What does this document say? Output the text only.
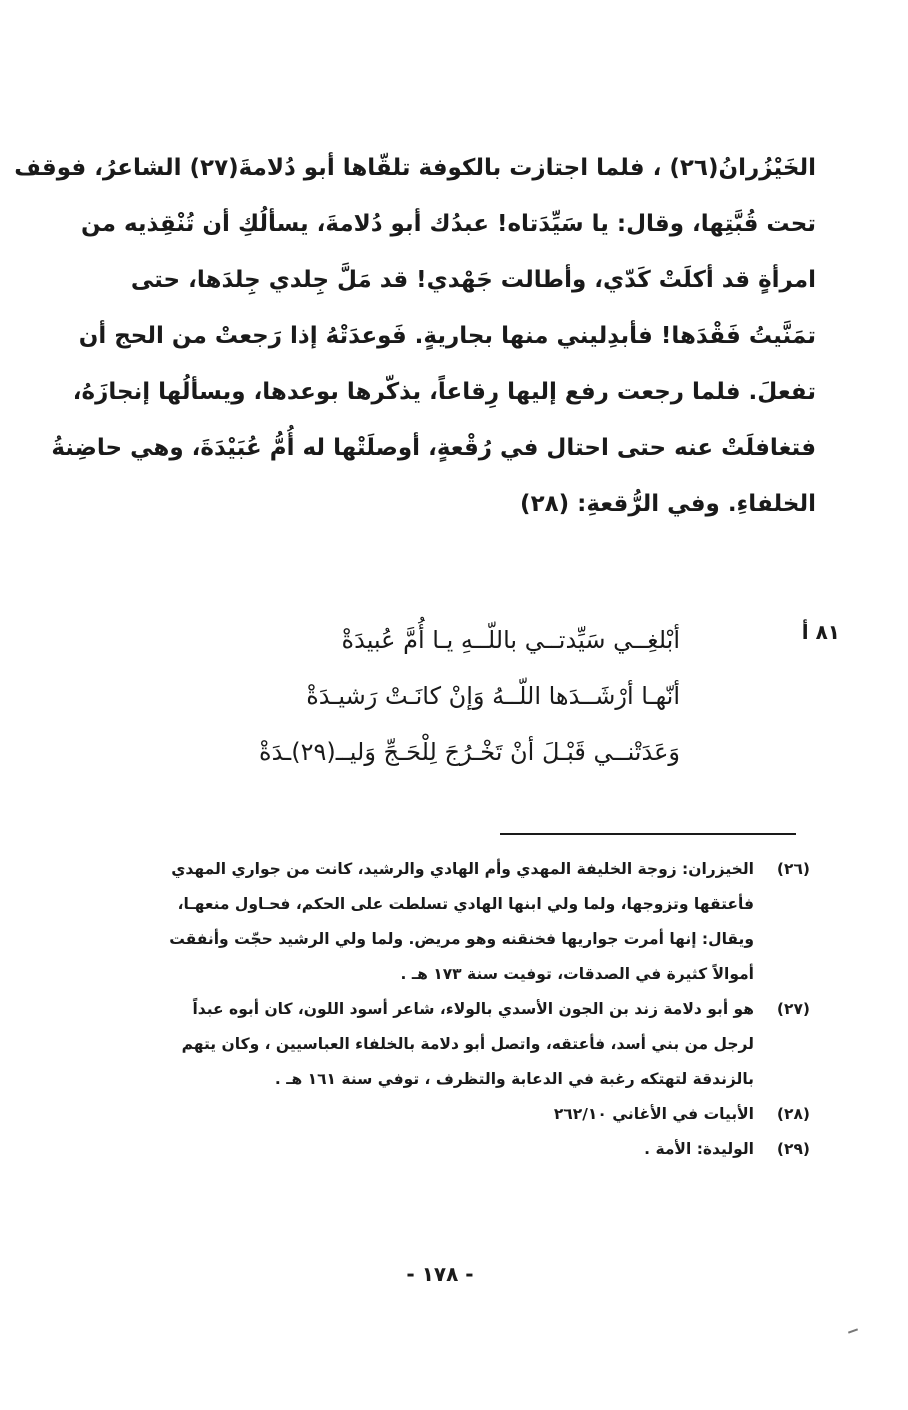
الخَيْزُرانُ(٢٦) ، فلما اجتازت بالكوفة تلقّاها أبو دُلامةَ(٢٧) الشاعرُ، فوقف
تحت قُبَّتِها، وقال: يا سَيِّدَتاه! عبدُك أبو دُلامةَ، يسألُكِ أن تُنْقِذيه من
امرأةٍ قد أكلَتْ كَدّي، وأطالت جَهْدي! قد مَلَّ جِلدي جِلدَها، حتى
تمَنَّيتُ فَقْدَها! فأبدِليني منها بجاريةٍ. فَوعدَتْهُ إذا رَجعتْ من الحج أن
تفعلَ. فلما رجعت رفع إليها رِقاعاً، يذكّرها بوعدها، ويسألُها إنجازَهُ،
فتغافلَتْ عنه حتى احتال في رُقْعةٍ، أوصلَتْها له أُمُّ عُبَيْدَةَ، وهي حاضِنةُ
الخلفاءِ. وفي الرُّقعةِ: (٢٨)
٨١ أ
أبْلغِــي سَيِّدتــي باللّــهِ يـا أُمَّ عُبيدَةْ
أنّهـا أرْشَــدَها اللّــهُ وَإنْ كانَـتْ رَشيـدَةْ
وَعَدَتْنــي قَبْـلَ أنْ تَخْـرُجَ لِلْحَـجِّ وَليــ(٢٩)ـدَةْ
(٢٦)
الخيزران: زوجة الخليفة المهدي وأم الهادي والرشيد، كانت من جواري المهدي
فأعتقها وتزوجها، ولما ولي ابنها الهادي تسلطت على الحكم، فحـاول منعهـا،
ويقال: إنها أمرت جواريها فخنقنه وهو مريض. ولما ولي الرشيد حجّت وأنفقت
أموالاً كثيرة في الصدقات، توفيت سنة ١٧٣ هـ .
(٢٧)
هو أبو دلامة زند بن الجون الأسدي بالولاء، شاعر أسود اللون، كان أبوه عبداً
لرجل من بني أسد، فأعتقه، واتصل أبو دلامة بالخلفاء العباسيين ، وكان يتهم
بالزندقة لتهتكه رغبة في الدعابة والتظرف ، توفي سنة ١٦١ هـ .
(٢٨)
الأبيات في الأغاني ٢٦٢/١٠
(٢٩)
الوليدة: الأمة .
- ١٧٨ -
